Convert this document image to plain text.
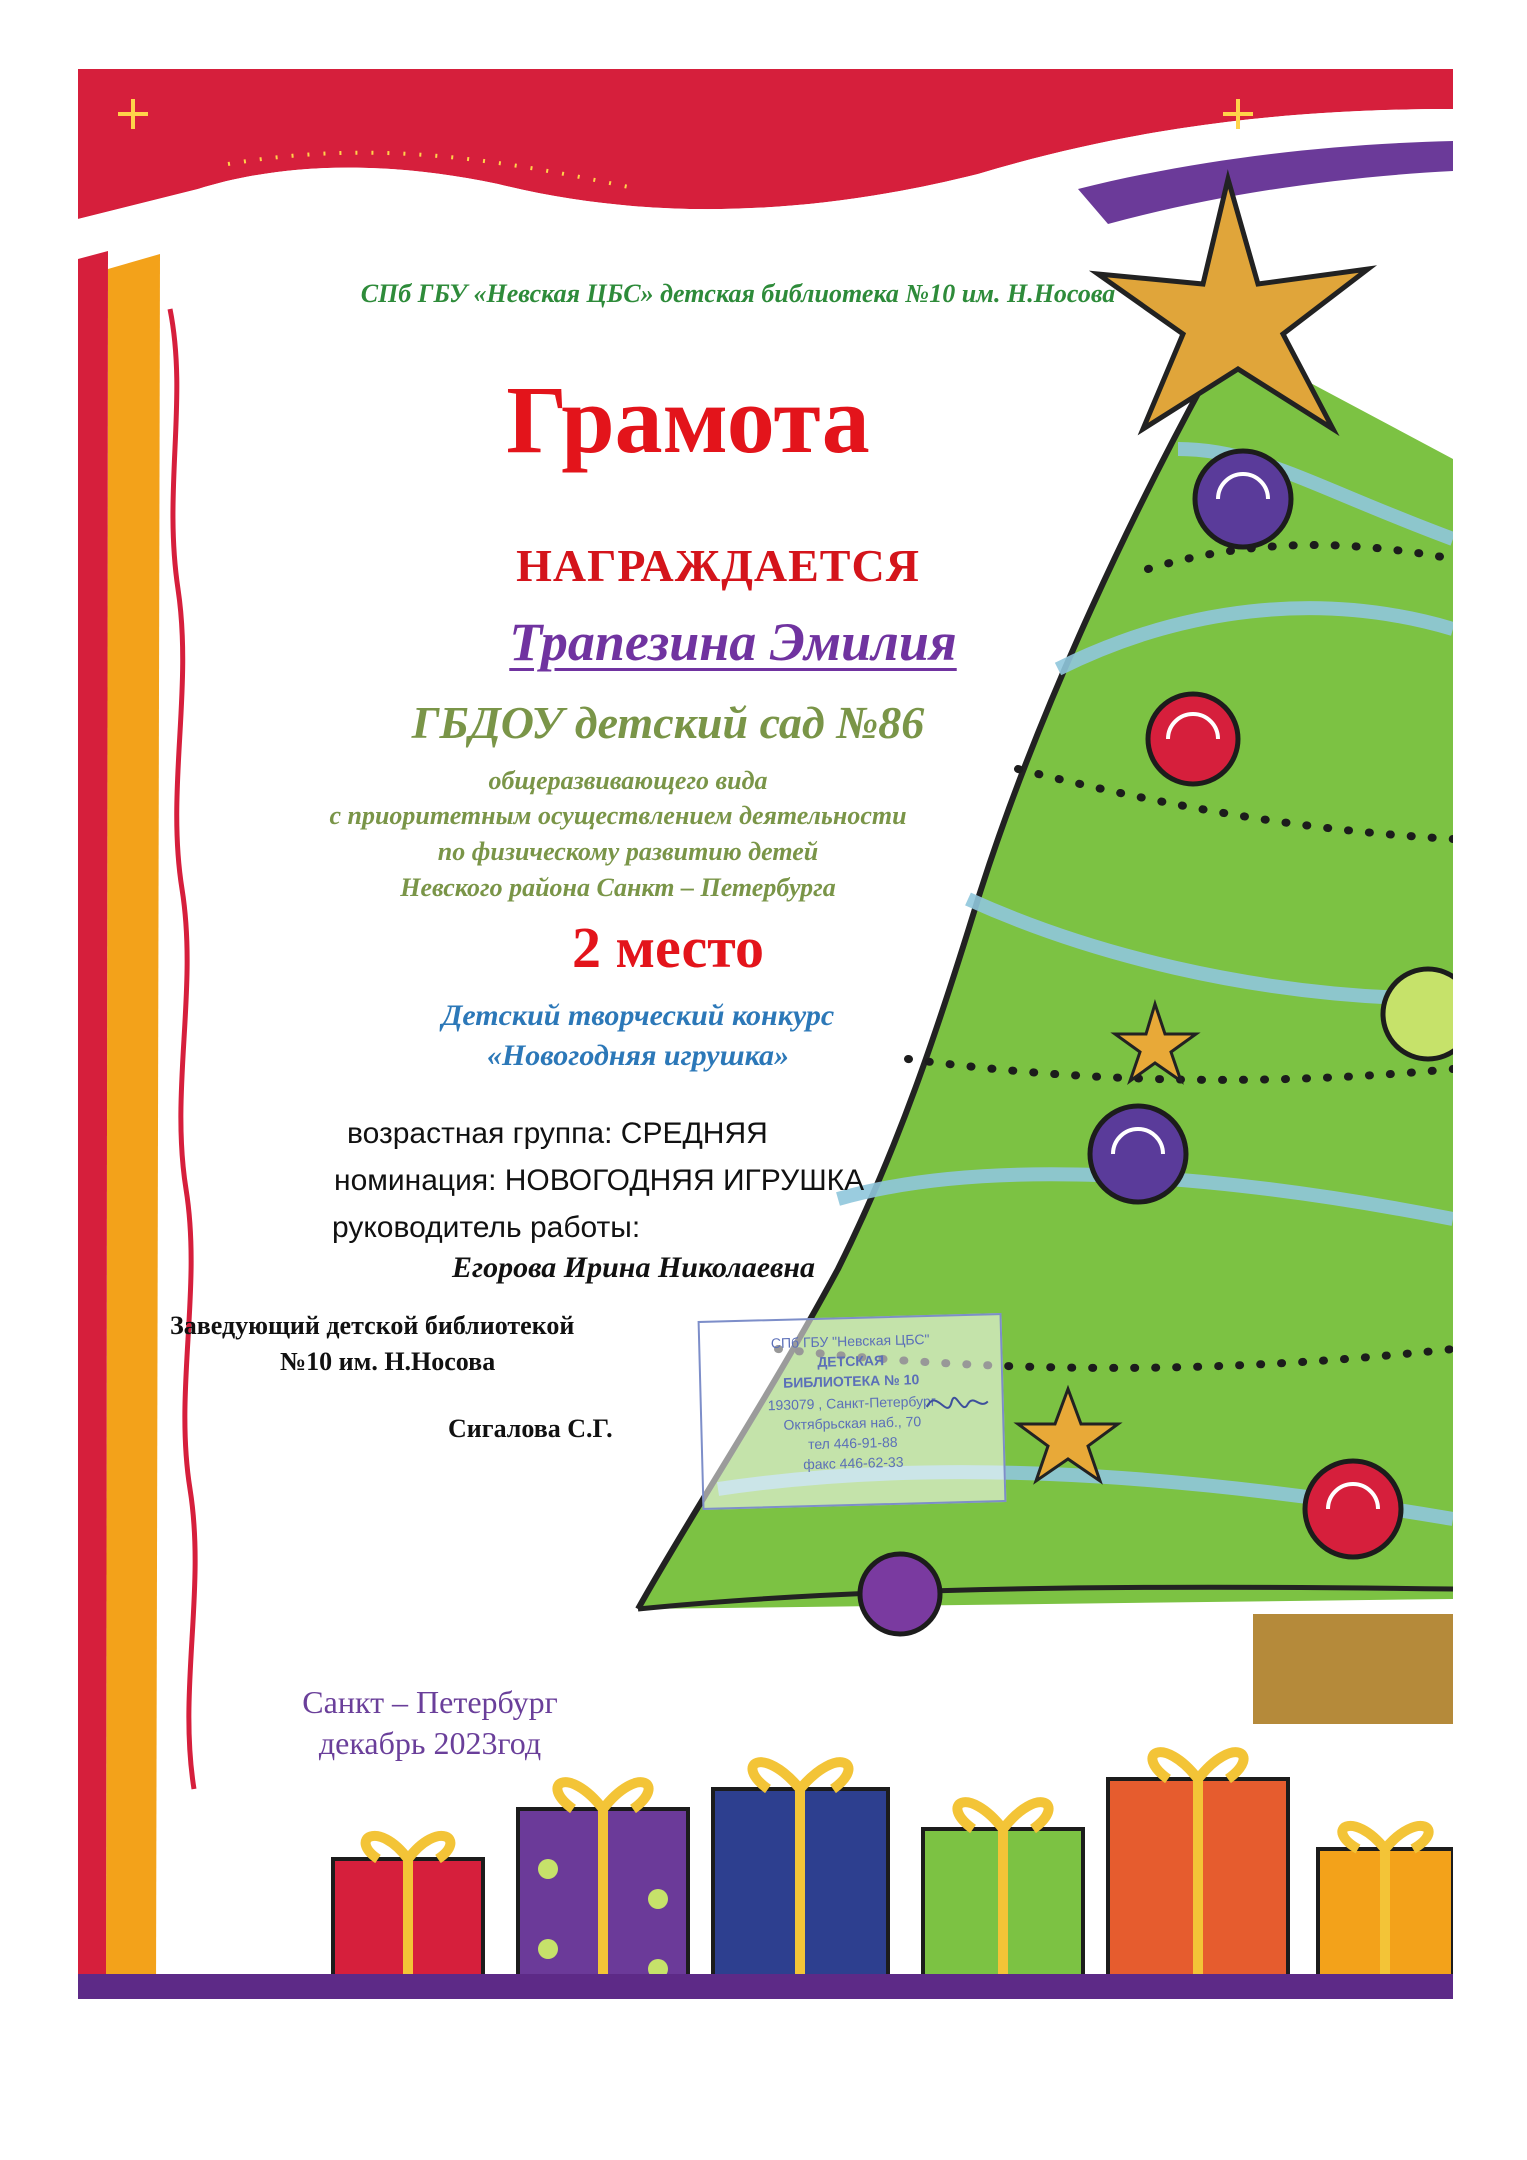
СПб ГБУ «Невская ЦБС» детская библиотека №10 им. Н.Носова
Грамота
НАГРАЖДАЕТСЯ
Трапезина Эмилия
ГБДОУ детский сад №86
общеразвивающего вида
с приоритетным осуществлением деятельности
по физическому развитию детей
Невского района Санкт – Петербурга
2 место
Детский творческий конкурс
«Новогодняя игрушка»
возрастная группа: СРЕДНЯЯ
номинация: НОВОГОДНЯЯ ИГРУШКА
руководитель работы:
Егорова Ирина Николаевна
Заведующий детской библиотекой
№10 им. Н.Носова
Сигалова С.Г.
СПб ГБУ "Невская ЦБС"
ДЕТСКАЯ
БИБЛИОТЕКА № 10
193079 , Санкт-Петербург
Октябрьская наб., 70
тел 446-91-88
факс 446-62-33
Санкт – Петербург
декабрь 2023год
